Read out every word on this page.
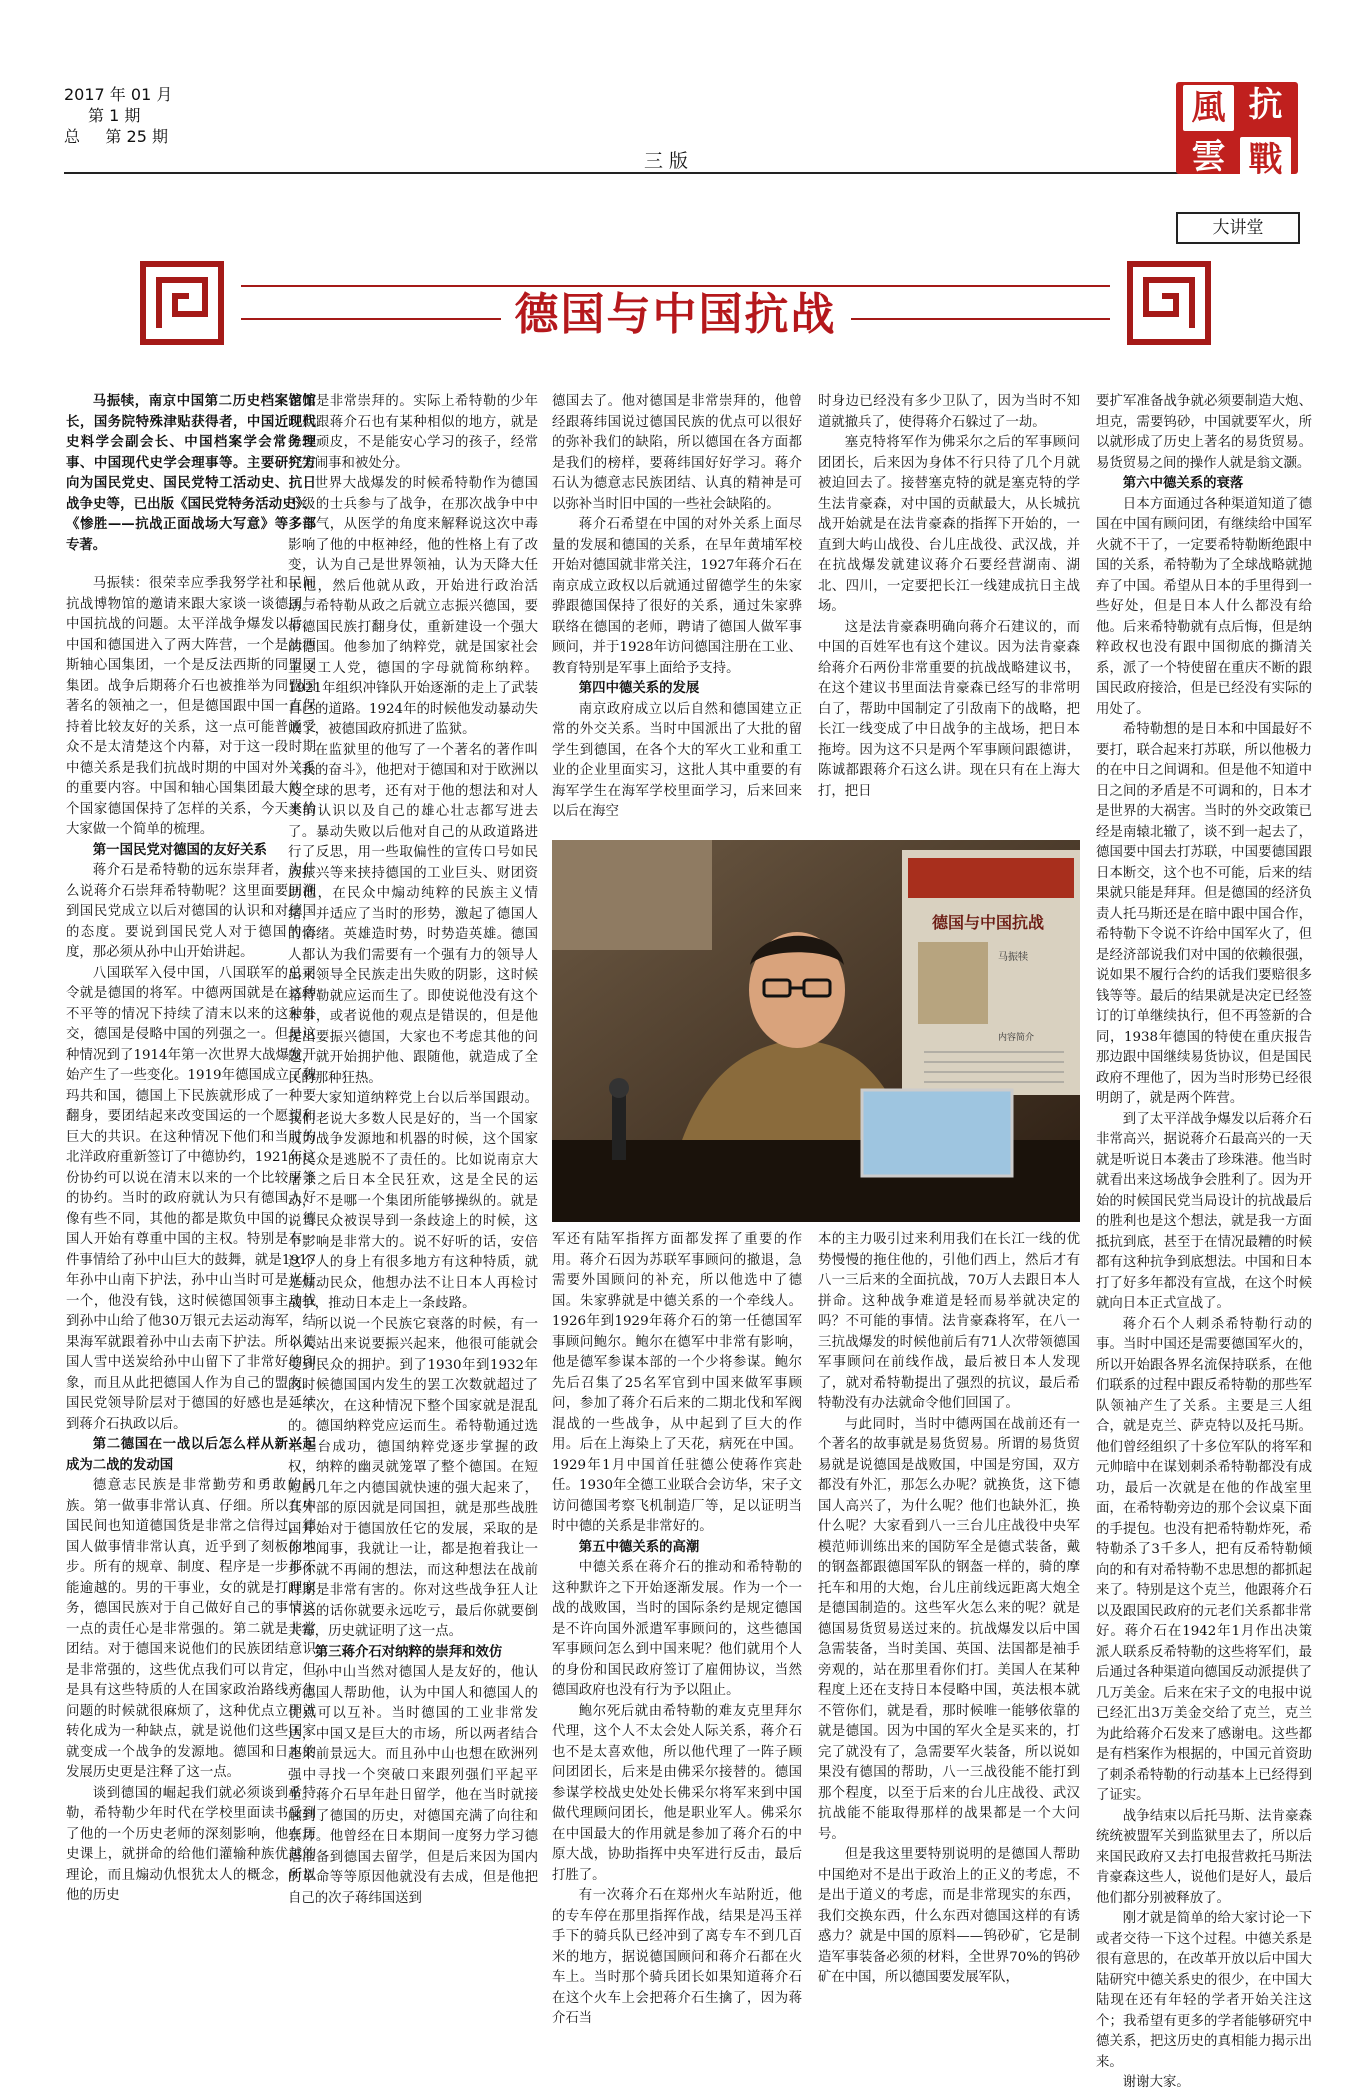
2017 年 01 月
第 1 期
总     第 25 期
三 版
風 抗
雲 戰
大讲堂
德国与中国抗战

马振犊，南京中国第二历史档案馆馆长，国务院特殊津贴获得者，中国近现代史料学会副会长、中国档案学会常务理事、中国现代史学会理事等。主要研究方向为国民党史、国民党特工活动史、抗日战争史等，已出版《国民党特务活动史》、《惨胜——抗战正面战场大写意》等多部专著。

马振犊：很荣幸应季我努学社和民间抗战博物馆的邀请来跟大家谈一谈德国与中国抗战的问题。太平洋战争爆发以后，中国和德国进入了两大阵营，一个是法西斯轴心国集团，一个是反法西斯的同盟国集团。战争后期蒋介石也被推举为同盟国著名的领袖之一，但是德国跟中国一直保持着比较友好的关系，这一点可能普通受众不是太清楚这个内幕，对于这一段时期中德关系是我们抗战时期的中国对外关系的重要内容。中国和轴心国集团最大的一个国家德国保持了怎样的关系，今天来给大家做一个简单的梳理。

第一国民党对德国的友好关系

蒋介石是希特勒的远东崇拜者，为什么说蒋介石崇拜希特勒呢？这里面要回溯到国民党成立以后对德国的认识和对德国的态度。要说到国民党人对于德国的态度，那必须从孙中山开始讲起。

八国联军入侵中国，八国联军的总司令就是德国的将军。中德两国就是在这种不平等的情况下持续了清末以来的这种外交，德国是侵略中国的列强之一。但是这种情况到了1914年第一次世界大战爆发开始产生了一些变化。1919年德国成立了魏玛共和国，德国上下民族就形成了一种要翻身，要团结起来改变国运的一个愿望和巨大的共识。在这种情况下他们和当时的北洋政府重新签订了中德协约，1921年这份协约可以说在清末以来的一个比较平等的协约。当时的政府就认为只有德国人好像有些不同，其他的都是欺负中国的，德国人开始有尊重中国的主权。特别是有一件事情给了孙中山巨大的鼓舞，就是1917年孙中山南下护法，孙中山当时可是光杆一个，他没有钱，这时候德国领事主动找到孙中山给了他30万银元去运动海军，结果海军就跟着孙中山去南下护法。所以德国人雪中送炭给孙中山留下了非常好的印象，而且从此把德国人作为自己的盟友。国民党领导阶层对于德国的好感也是延续到蒋介石执政以后。

第二德国在一战以后怎么样从新兴起成为二战的发动国

德意志民族是非常勤劳和勇敢的民族。第一做事非常认真、仔细。所以在中国民间也知道德国货是非常之信得过，德国人做事情非常认真，近乎到了刻板的地步。所有的规章、制度、程序是一步都不能逾越的。男的干事业，女的就是打理家务，德国民族对于自己做好自己的事情这一点的责任心是非常强的。第二就是非常团结。对于德国来说他们的民族团结意识是非常强的，这些优点我们可以肯定，但是具有这些特质的人在国家政治路线产生问题的时候就很麻烦了，这种优点立即就转化成为一种缺点，就是说他们这些国家就变成一个战争的发源地。德国和日本的发展历史更是注释了这一点。

谈到德国的崛起我们就必须谈到希特勒，希特勒少年时代在学校里面读书受到了他的一个历史老师的深刻影响，他在历史课上，就拼命的给他们灌输种族优越的理论，而且煽动仇恨犹太人的概念，所以他的历史

老师是非常崇拜的。实际上希特勒的少年时期跟蒋介石也有某种相似的地方，就是比较顽皮，不是能安心学习的孩子，经常打架闹事和被处分。

世界大战爆发的时候希特勒作为德国下级的士兵参与了战争，在那次战争中中了毒气，从医学的角度来解释说这次中毒影响了他的中枢神经，他的性格上有了改变，认为自己是世界领袖，认为天降大任于他，然后他就从政，开始进行政治活动。希特勒从政之后就立志振兴德国，要带德国民族打翻身仗，重新建设一个强大的德国。他参加了纳粹党，就是国家社会主义工人党，德国的字母就简称纳粹。1921年组织冲锋队开始逐渐的走上了武装自己的道路。1924年的时候他发动暴动失败了，被德国政府抓进了监狱。

在监狱里的他写了一个著名的著作叫《我的奋斗》，他把对于德国和对于欧洲以及全球的思考，还有对于他的想法和对人类的认识以及自己的雄心壮志都写进去了。暴动失败以后他对自己的从政道路进行了反思，用一些取偏性的宣传口号如民族振兴等来挟持德国的工业巨头、财团资助他，在民众中煽动纯粹的民族主义情绪，并适应了当时的形势，激起了德国人的情绪。英雄造时势，时势造英雄。德国人都认为我们需要有一个强有力的领导人出来领导全民族走出失败的阴影，这时候希特勒就应运而生了。即使说他没有这个本事，或者说他的观点是错误的，但是他提出要振兴德国，大家也不考虑其他的问题，就开始拥护他、跟随他，就造成了全民的那种狂热。

大家知道纳粹党上台以后举国跟动。我们老说大多数人民是好的，当一个国家成为战争发源地和机器的时候，这个国家的民众是逃脱不了责任的。比如说南京大屠杀之后日本全民狂欢，这是全民的运动，不是哪一个集团所能够操纵的。就是说当民众被误导到一条歧途上的时候，这个影响是非常大的。说不好听的话，安倍这个人的身上有很多地方有这种特质，就是煽动民众，他想办法不让日本人再检讨战争，推动日本走上一条歧路。

所以说一个民族它衰落的时候，有一个人站出来说要振兴起来，他很可能就会受到民众的拥护。到了1930年到1932年的时候德国国内发生的罢工次数就超过了一千次，在这种情况下整个国家就是混乱的。德国纳粹党应运而生。希特勒通过选举上台成功，德国纳粹党逐步掌握的政权，纳粹的幽灵就笼罩了整个德国。在短短的几年之内德国就快速的强大起来了，其外部的原因就是同国担，就是那些战胜国开始对于德国放任它的发展，采取的是你不闻事，我就让一让，都是抱着我让一步你就不再闹的想法，而这种想法在战前时期是非常有害的。你对这些战争狂人让下去的话你就要永远吃亏，最后你就要倒大霉，历史就证明了这一点。

第三蒋介石对纳粹的崇拜和效仿

孙中山当然对德国人是友好的，他认为德国人帮助他，认为中国人和德国人的优点可以互补。当时德国的工业非常发达，中国又是巨大的市场，所以两者结合起来前景远大。而且孙中山也想在欧洲列强中寻找一个突破口来跟列强们平起平坐。蒋介石早年赴日留学，他在当时就接触到了德国的历史，对德国充满了向往和崇拜。他曾经在日本期间一度努力学习德语准备到德国去留学，但是后来因为国内的革命等等原因他就没有去成，但是他把自己的次子蒋纬国送到

德国去了。他对德国是非常崇拜的，他曾经跟蒋纬国说过德国民族的优点可以很好的弥补我们的缺陷，所以德国在各方面都是我们的榜样，要蒋纬国好好学习。蒋介石认为德意志民族团结、认真的精神是可以弥补当时旧中国的一些社会缺陷的。

蒋介石希望在中国的对外关系上面尽量的发展和德国的关系，在早年黄埔军校开始对德国就非常关注，1927年蒋介石在南京成立政权以后就通过留德学生的朱家骅跟德国保持了很好的关系，通过朱家骅联络在德国的老师，聘请了德国人做军事顾问，并于1928年访问德国注册在工业、教育特别是军事上面给予支持。

第四中德关系的发展

南京政府成立以后自然和德国建立正常的外交关系。当时中国派出了大批的留学生到德国，在各个大的军火工业和重工业的企业里面实习，这批人其中重要的有海军学生在海军学校里面学习，后来回来以后在海空

时身边已经没有多少卫队了，因为当时不知道就撤兵了，使得蒋介石躲过了一劫。

塞克特将军作为佛采尔之后的军事顾问团团长，后来因为身体不行只待了几个月就被迫回去了。接替塞克特的就是塞克特的学生法肯豪森，对中国的贡献最大，从长城抗战开始就是在法肯豪森的指挥下开始的，一直到大屿山战役、台儿庄战役、武汉战，并在抗战爆发就建议蒋介石要经营湖南、湖北、四川，一定要把长江一线建成抗日主战场。

这是法肯豪森明确向蒋介石建议的，而中国的百姓军也有这个建议。因为法肯豪森给蒋介石两份非常重要的抗战战略建议书，在这个建议书里面法肯豪森已经写的非常明白了，帮助中国制定了引敌南下的战略，把长江一线变成了中日战争的主战场，把日本拖垮。因为这不只是两个军事顾问跟德讲，陈诚都跟蒋介石这么讲。现在只有在上海大打，把日

德国与中国抗战
马振犊
内容简介

军还有陆军指挥方面都发挥了重要的作用。蒋介石因为苏联军事顾问的撤退，急需要外国顾问的补充，所以他选中了德国。朱家骅就是中德关系的一个牵线人。1926年到1929年蒋介石的第一任德国军事顾问鲍尔。鲍尔在德军中非常有影响，他是德军参谋本部的一个少将参谋。鲍尔先后召集了25名军官到中国来做军事顾问，参加了蒋介石后来的二期北伐和军阀混战的一些战争，从中起到了巨大的作用。后在上海染上了天花，病死在中国。1929年1月中国首任驻德公使蒋作宾赴任。1930年全德工业联合会访华，宋子文访问德国考察飞机制造厂等，足以证明当时中德的关系是非常好的。

第五中德关系的高潮

中德关系在蒋介石的推动和希特勒的这种默许之下开始逐渐发展。作为一个一战的战败国，当时的国际条约是规定德国是不许向国外派遣军事顾问的，这些德国军事顾问怎么到中国来呢？他们就用个人的身份和国民政府签订了雇佣协议，当然德国政府也没有行为予以阻止。

鲍尔死后就由希特勒的难友克里拜尔代理，这个人不太会处人际关系，蒋介石也不是太喜欢他，所以他代理了一阵子顾问团团长，后来是由佛采尔接替的。德国参谋学校战史处处长佛采尔将军来到中国做代理顾问团长，他是职业军人。佛采尔在中国最大的作用就是参加了蒋介石的中原大战，协助指挥中央军进行反击，最后打胜了。

有一次蒋介石在郑州火车站附近，他的专车停在那里指挥作战，结果是冯玉祥手下的骑兵队已经冲到了离专车不到几百米的地方，据说德国顾问和蒋介石都在火车上。当时那个骑兵团长如果知道蒋介石在这个火车上会把蒋介石生擒了，因为蒋介石当

本的主力吸引过来利用我们在长江一线的优势慢慢的拖住他的，引他们西上，然后才有八一三后来的全面抗战，70万人去跟日本人拼命。这种战争难道是轻而易举就决定的吗？不可能的事情。法肯豪森将军，在八一三抗战爆发的时候他前后有71人次带领德国军事顾问在前线作战，最后被日本人发现了，就对希特勒提出了强烈的抗议，最后希特勒没有办法就命令他们回国了。

与此同时，当时中德两国在战前还有一个著名的故事就是易货贸易。所谓的易货贸易就是说德国是战败国，中国是穷国，双方都没有外汇，那怎么办呢？就换货，这下德国人高兴了，为什么呢？他们也缺外汇，换什么呢？大家看到八一三台儿庄战役中央军模范师训练出来的国防军全是德式装备，戴的钢盔都跟德国军队的钢盔一样的，骑的摩托车和用的大炮，台儿庄前线远距离大炮全是德国制造的。这些军火怎么来的呢？就是德国易货贸易送过来的。抗战爆发以后中国急需装备，当时美国、英国、法国都是袖手旁观的，站在那里看你们打。美国人在某种程度上还在支持日本侵略中国，英法根本就不管你们，就是看，那时候唯一能够依靠的就是德国。因为中国的军火全是买来的，打完了就没有了，急需要军火装备，所以说如果没有德国的帮助，八一三战役能不能打到那个程度，以至于后来的台儿庄战役、武汉抗战能不能取得那样的战果都是一个大问号。

但是我这里要特别说明的是德国人帮助中国绝对不是出于政治上的正义的考虑，不是出于道义的考虑，而是非常现实的东西，我们交换东西，什么东西对德国这样的有诱惑力？就是中国的原料——钨砂矿，它是制造军事装备必须的材料，全世界70%的钨砂矿在中国，所以德国要发展军队，

要扩军准备战争就必须要制造大炮、坦克，需要钨砂，中国就要军火，所以就形成了历史上著名的易货贸易。易货贸易之间的操作人就是翁文灏。

第六中德关系的衰落

日本方面通过各种渠道知道了德国在中国有顾问团，有继续给中国军火就不干了，一定要希特勒断绝跟中国的关系，希特勒为了全球战略就抛弃了中国。希望从日本的手里得到一些好处，但是日本人什么都没有给他。后来希特勒就有点后悔，但是纳粹政权也没有跟中国彻底的撕清关系，派了一个特使留在重庆不断的跟国民政府接洽，但是已经没有实际的用处了。

希特勒想的是日本和中国最好不要打，联合起来打苏联，所以他极力的在中日之间调和。但是他不知道中日之间的矛盾是不可调和的，日本才是世界的大祸害。当时的外交政策已经是南辕北辙了，谈不到一起去了，德国要中国去打苏联，中国要德国跟日本断交，这个也不可能，后来的结果就只能是拜拜。但是德国的经济负责人托马斯还是在暗中跟中国合作，希特勒下令说不许给中国军火了，但是经济部说我们对中国的依赖很强，说如果不履行合约的话我们要赔很多钱等等。最后的结果就是决定已经签订的订单继续执行，但不再签新的合同，1938年德国的特使在重庆报告那边跟中国继续易货协议，但是国民政府不理他了，因为当时形势已经很明朗了，就是两个阵营。

到了太平洋战争爆发以后蒋介石非常高兴，据说蒋介石最高兴的一天就是听说日本袭击了珍珠港。他当时就看出来这场战争会胜利了。因为开始的时候国民党当局设计的抗战最后的胜利也是这个想法，就是我一方面抵抗到底，甚至于在情况最糟的时候都有这种抗争到底想法。中国和日本打了好多年都没有宣战，在这个时候就向日本正式宣战了。

蒋介石个人刺杀希特勒行动的事。当时中国还是需要德国军火的，所以开始跟各界名流保持联系，在他们联系的过程中跟反希特勒的那些军队领袖产生了关系。主要是三人组合，就是克兰、萨克特以及托马斯。他们曾经组织了十多位军队的将军和元帅暗中在谋划刺杀希特勒都没有成功，最后一次就是在他的作战室里面，在希特勒旁边的那个会议桌下面的手提包。也没有把希特勒炸死，希特勒杀了3千多人，把有反希特勒倾向的和有对希特勒不忠思想的都抓起来了。特别是这个克兰，他跟蒋介石以及跟国民政府的元老们关系都非常好。蒋介石在1942年1月作出决策派人联系反希特勒的这些将军们，最后通过各种渠道向德国反动派提供了几万美金。后来在宋子文的电报中说已经汇出3万美金交给了克兰，克兰为此给蒋介石发来了感谢电。这些都是有档案作为根据的，中国元首资助了刺杀希特勒的行动基本上已经得到了证实。

战争结束以后托马斯、法肯豪森统统被盟军关到监狱里去了，所以后来国民政府又去打电报营救托马斯法肯豪森这些人，说他们是好人，最后他们都分别被释放了。

刚才就是简单的给大家讨论一下或者交待一下这个过程。中德关系是很有意思的，在改革开放以后中国大陆研究中德关系史的很少，在中国大陆现在还有年轻的学者开始关注这个；我希望有更多的学者能够研究中德关系，把这历史的真相能力揭示出来。

谢谢大家。
